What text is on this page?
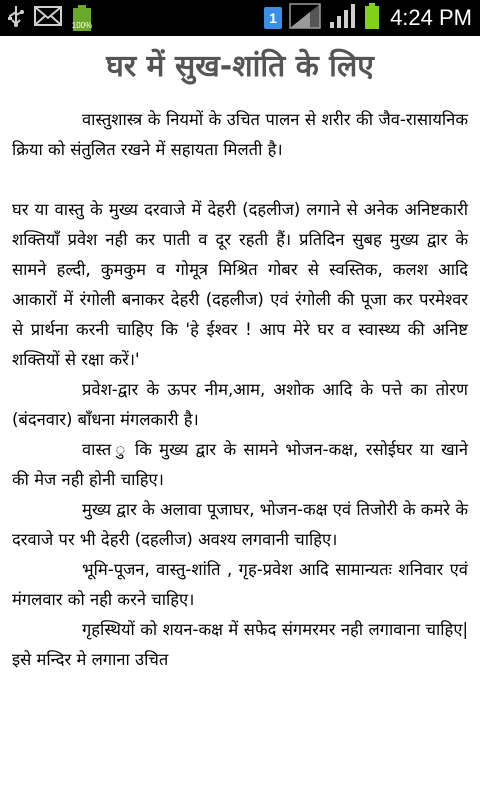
100%	1	4:24 PM
घर में सुख-शांति के लिए

वास्तुशास्त्र के नियमों के उचित पालन से शरीर की जैव-रासायनिक क्रिया को संतुलित रखने में सहायता मिलती है।

घर या वास्तु के मुख्य दरवाजे में देहरी (दहलीज) लगाने से अनेक अनिष्टकारी शक्तियाँ प्रवेश नही कर पाती व दूर रहती हैं। प्रतिदिन सुबह मुख्य द्वार के सामने हल्दी, कुमकुम व गोमूत्र मिश्रित गोबर से स्वस्तिक, कलश आदि आकारों में रंगोली बनाकर देहरी (दहलीज) एवं रंगोली की पूजा कर परमेश्वर से प्रार्थना करनी चाहिए कि 'हे ईश्वर ! आप मेरे घर व स्वास्थ्य की अनिष्ट शक्तियों से रक्षा करें।'

प्रवेश-द्वार के ऊपर नीम,आम, अशोक आदि के पत्ते का तोरण (बंदनवार) बाँधना मंगलकारी है।

वास्त ु कि मुख्य द्वार के सामने भोजन-कक्ष, रसोईघर या खाने की मेज नही होनी चाहिए।

मुख्य द्वार के अलावा पूजाघर, भोजन-कक्ष एवं तिजोरी के कमरे के दरवाजे पर भी देहरी (दहलीज) अवश्य लगवानी चाहिए।

भूमि-पूजन, वास्तु-शांति , गृह-प्रवेश आदि सामान्यतः शनिवार एवं मंगलवार को नही करने चाहिए।

गृहस्थियों को शयन-कक्ष में सफेद संगमरमर नही लगावाना चाहिए| इसे मन्दिर मे लगाना उचित
